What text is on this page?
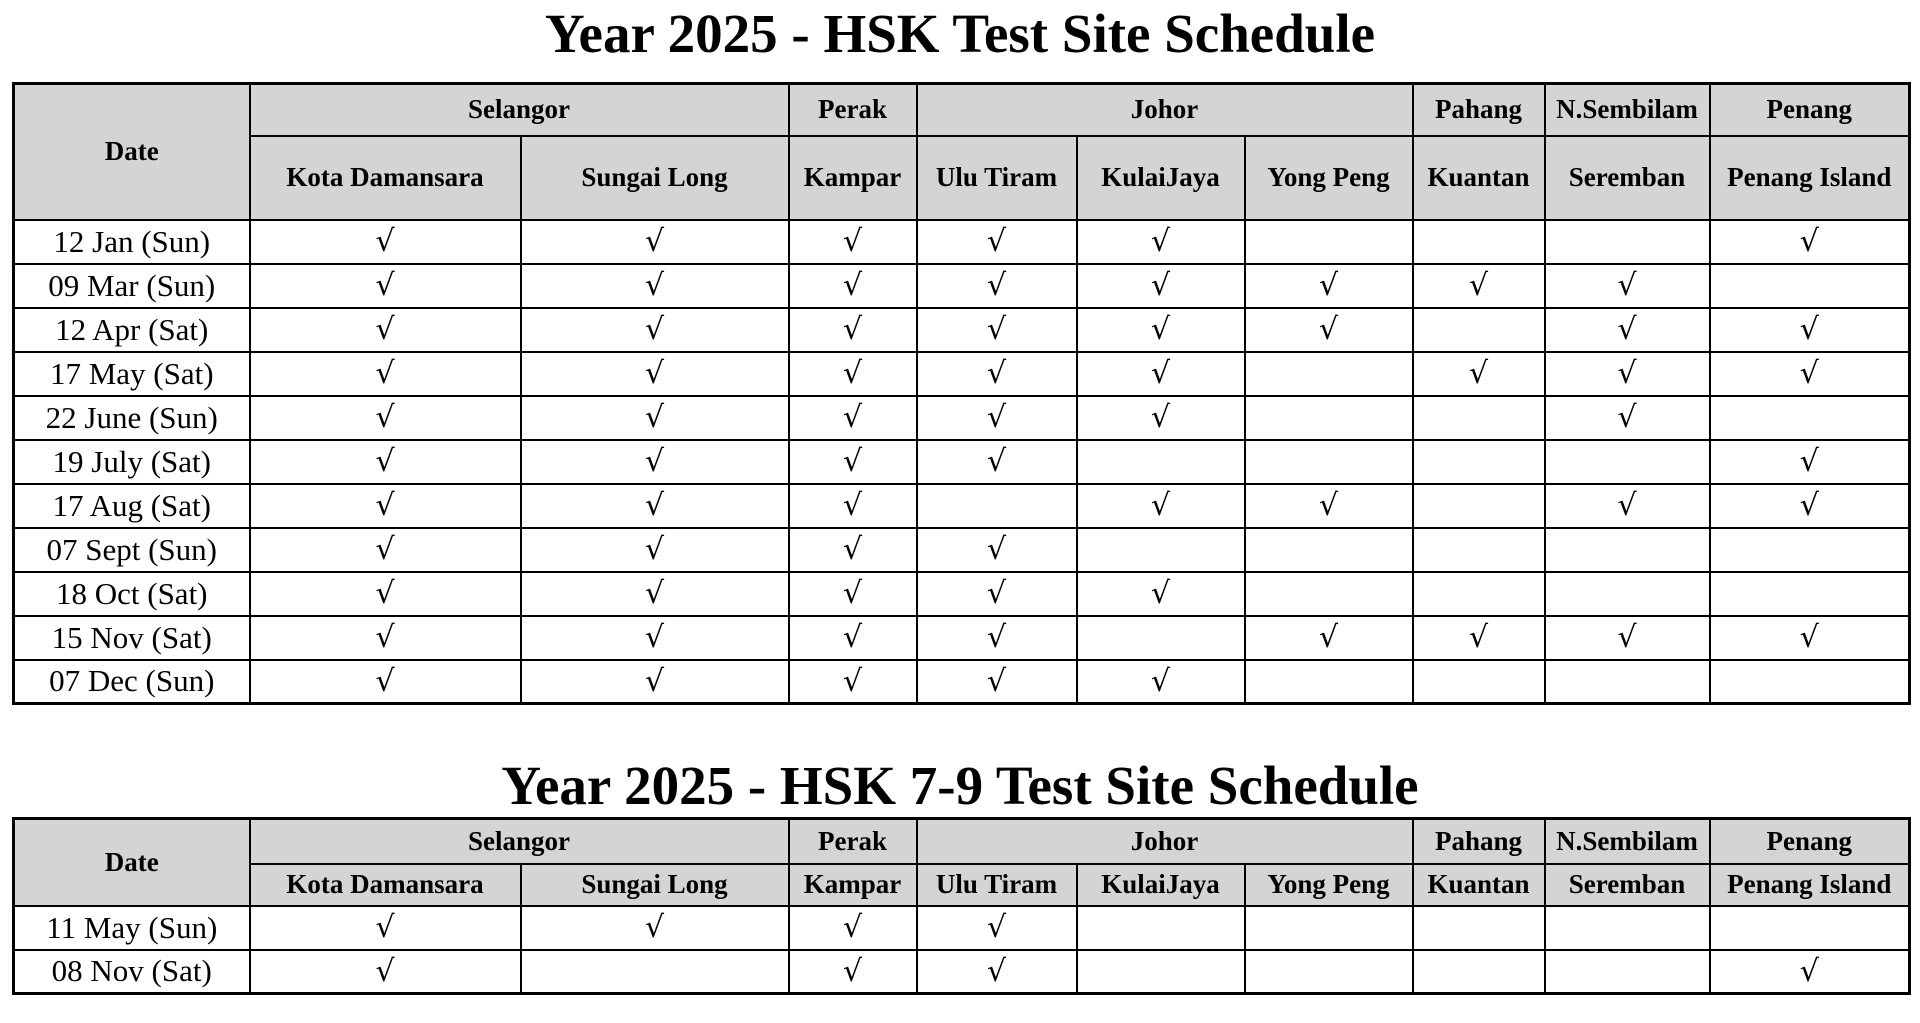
Year 2025 - HSK Test Site Schedule
Date	Selangor		Perak	Johor			Pahang	N.Sembilam	Penang
	Kota Damansara	Sungai Long	Kampar	Ulu Tiram	KulaiJaya	Yong Peng	Kuantan	Seremban	Penang Island
12 Jan (Sun)	√	√	√	√	√				√
09 Mar (Sun)	√	√	√	√	√	√	√	√	
12 Apr (Sat)	√	√	√	√	√	√		√	√
17 May (Sat)	√	√	√	√	√		√	√	√
22 June (Sun)	√	√	√	√	√			√	
19 July (Sat)	√	√	√	√					√
17 Aug (Sat)	√	√	√		√	√		√	√
07 Sept (Sun)	√	√	√	√					
18 Oct (Sat)	√	√	√	√	√				
15 Nov (Sat)	√	√	√	√		√	√	√	√
07 Dec (Sun)	√	√	√	√	√				
Year 2025 - HSK 7-9 Test Site Schedule
Date	Selangor		Perak	Johor			Pahang	N.Sembilam	Penang
	Kota Damansara	Sungai Long	Kampar	Ulu Tiram	KulaiJaya	Yong Peng	Kuantan	Seremban	Penang Island
11 May (Sun)	√	√	√	√					
08 Nov (Sat)	√		√	√					√
